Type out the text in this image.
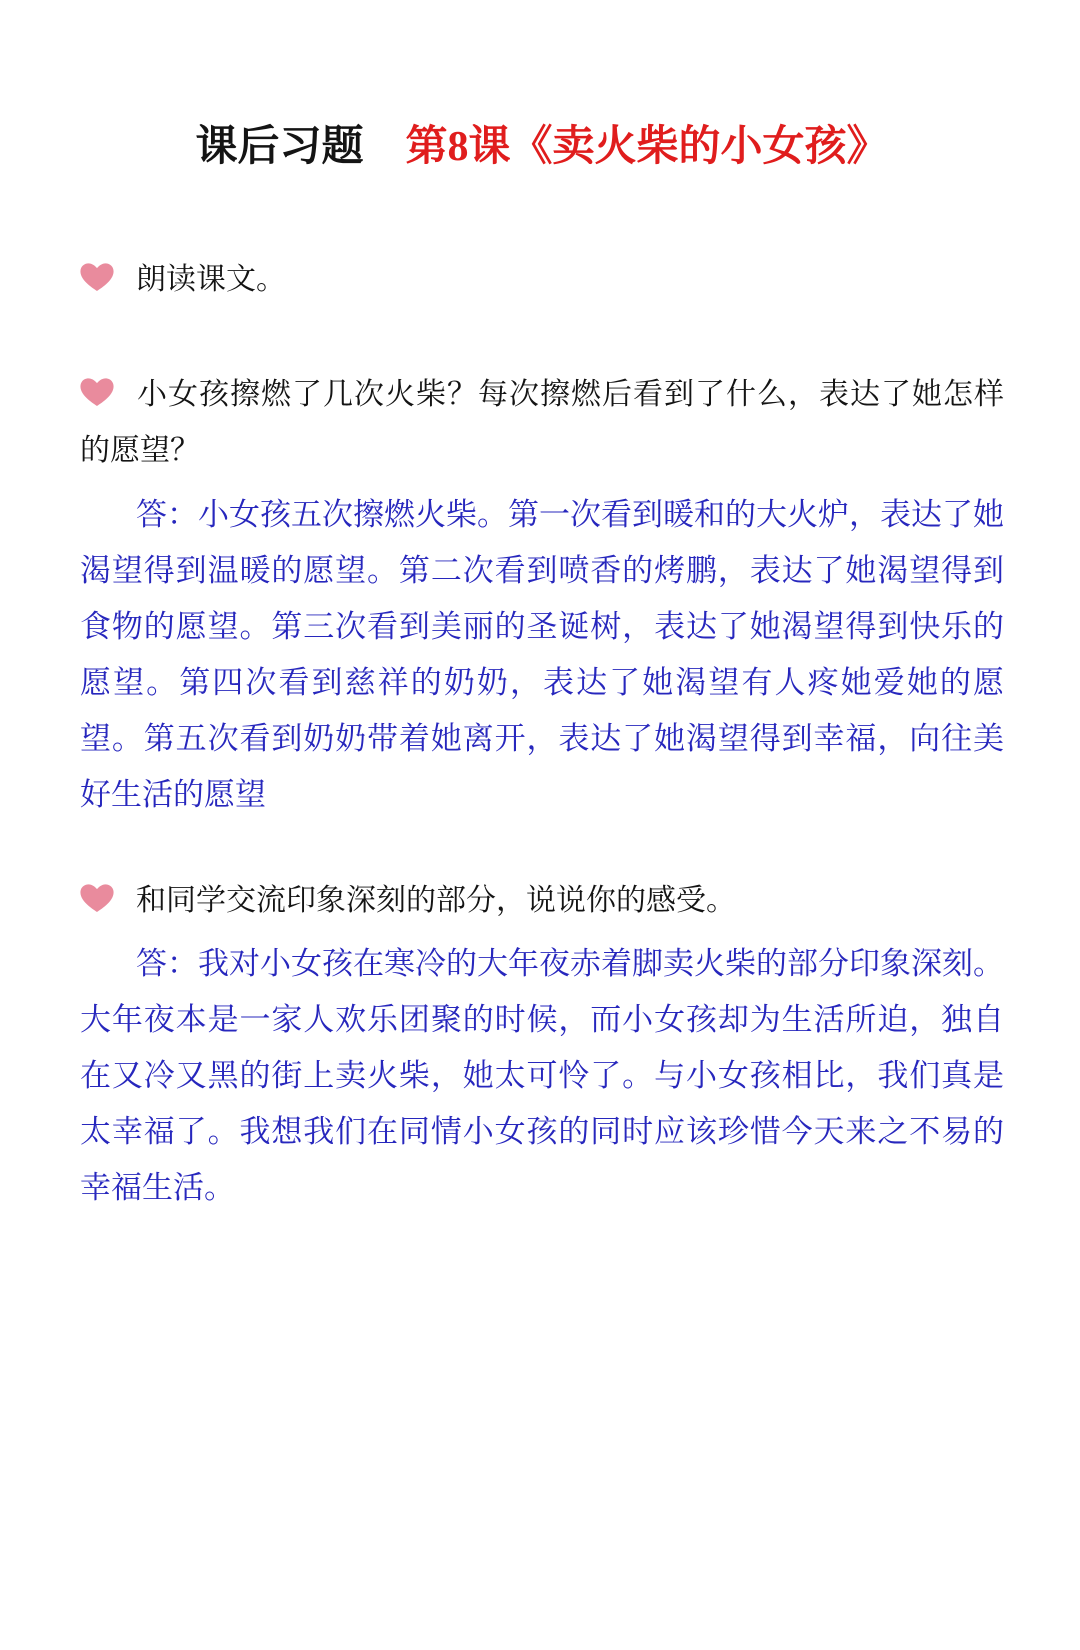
课后习题 第8课《卖火柴的小女孩》

朗读课文。

小女孩擦燃了几次火柴？每次擦燃后看到了什么，表达了她怎样的愿望？

答：小女孩五次擦燃火柴。第一次看到暖和的大火炉，表达了她渴望得到温暖的愿望。第二次看到喷香的烤鹏，表达了她渴望得到食物的愿望。第三次看到美丽的圣诞树，表达了她渴望得到快乐的愿望。第四次看到慈祥的奶奶，表达了她渴望有人疼她爱她的愿望。第五次看到奶奶带着她离开，表达了她渴望得到幸福，向往美好生活的愿望

和同学交流印象深刻的部分，说说你的感受。

答：我对小女孩在寒冷的大年夜赤着脚卖火柴的部分印象深刻。大年夜本是一家人欢乐团聚的时候，而小女孩却为生活所迫，独自在又冷又黑的街上卖火柴，她太可怜了。与小女孩相比，我们真是太幸福了。我想我们在同情小女孩的同时应该珍惜今天来之不易的幸福生活。
